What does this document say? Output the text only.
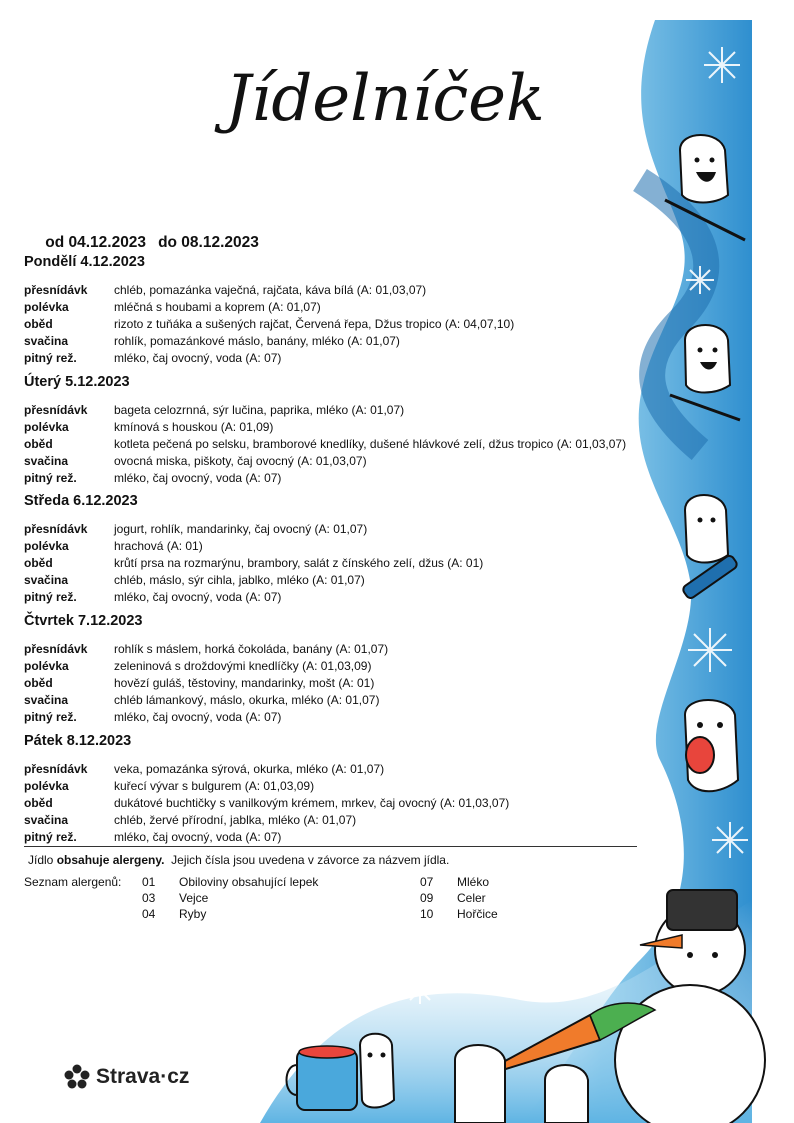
Jídelníček

od 04.12.2023 do 08.12.2023

Pondělí 4.12.2023
přesnídávk	chléb, pomazánka vaječná, rajčata, káva bílá (A: 01,03,07)
polévka	mléčná s houbami a koprem (A: 01,07)
oběd	rizoto z tuňáka a sušených rajčat, Červená řepa, Džus tropico (A: 04,07,10)
svačina	rohlík, pomazánkové máslo, banány, mléko (A: 01,07)
pitný rež.	mléko, čaj ovocný, voda (A: 07)
Úterý 5.12.2023
přesnídávk	bageta celozrnná, sýr lučina, paprika, mléko (A: 01,07)
polévka	kmínová s houskou (A: 01,09)
oběd	kotleta pečená po selsku, bramborové knedlíky, dušené hlávkové zelí, džus tropico (A: 01,03,07)
svačina	ovocná miska, piškoty, čaj ovocný (A: 01,03,07)
pitný rež.	mléko, čaj ovocný, voda (A: 07)
Středa 6.12.2023
přesnídávk	jogurt, rohlík, mandarinky, čaj ovocný (A: 01,07)
polévka	hrachová (A: 01)
oběd	krůtí prsa na rozmarýnu, brambory, salát z čínského zelí, džus (A: 01)
svačina	chléb, máslo, sýr cihla, jablko, mléko (A: 01,07)
pitný rež.	mléko, čaj ovocný, voda (A: 07)
Čtvrtek 7.12.2023
přesnídávk	rohlík s máslem, horká čokoláda, banány (A: 01,07)
polévka	zeleninová s droždovými knedlíčky (A: 01,03,09)
oběd	hovězí guláš, těstoviny, mandarinky, mošt (A: 01)
svačina	chléb lámankový, máslo, okurka, mléko (A: 01,07)
pitný rež.	mléko, čaj ovocný, voda (A: 07)
Pátek 8.12.2023
přesnídávk	veka, pomazánka sýrová, okurka, mléko (A: 01,07)
polévka	kuřecí vývar s bulgurem (A: 01,03,09)
oběd	dukátové buchtičky s vanilkovým krémem, mrkev, čaj ovocný (A: 01,03,07)
svačina	chléb, žervé přírodní, jablka, mléko (A: 01,07)
pitný rež.	mléko, čaj ovocný, voda (A: 07)
Jídlo obsahuje alergeny.  Jejich čísla jsou uvedena v závorce za názvem jídla.
Seznam alergenů: 01 Obiloviny obsahující lepek
03 Vejce
04 Ryby
07 Mléko
09 Celer
10 Hořčice
Strava·cz
